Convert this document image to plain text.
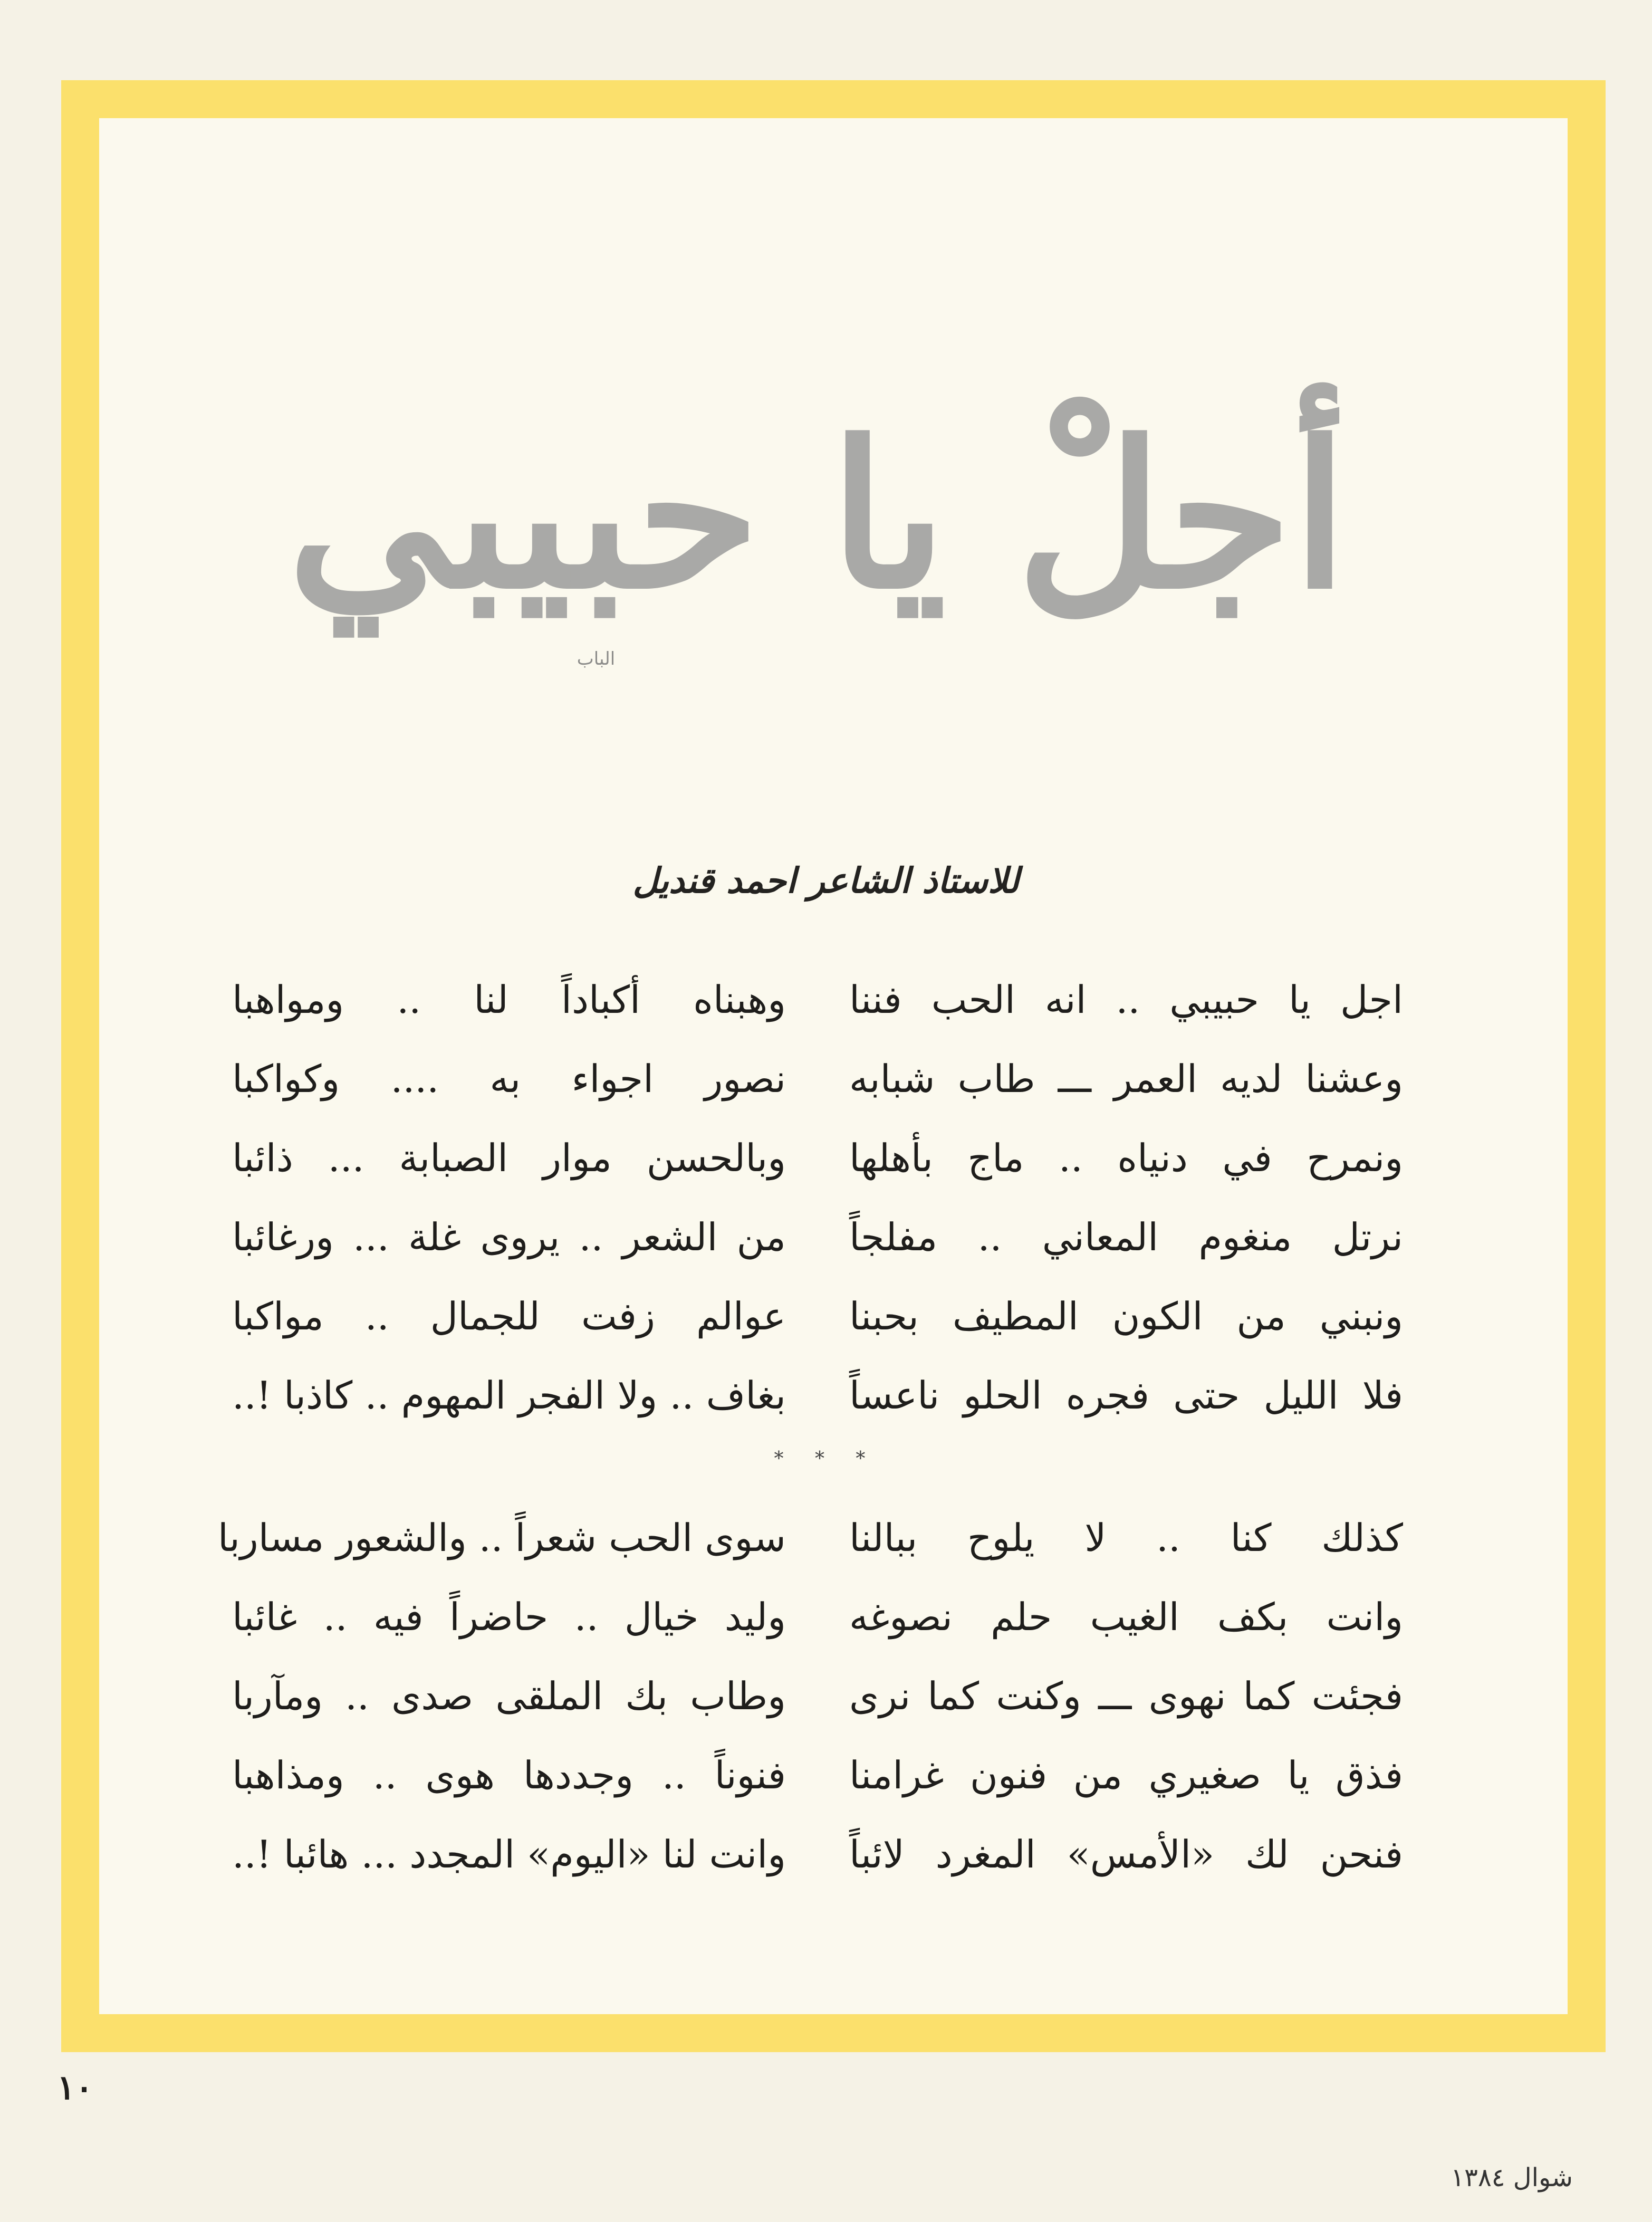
أجلْ يا حبيبي
الباب
للاستاذ الشاعر احمد قنديل
اجل يا حبيبي .. انه الحب فننا
وهبناه أكباداً لنا .. ومواهبا
وعشنا لديه العمر ـــ طاب شبابه
نصور اجواء به .... وكواكبا
ونمرح في دنياه .. ماج بأهلها
وبالحسن موار الصبابة ... ذائبا
نرتل منغوم المعاني .. مفلجاً
من الشعر .. يروى غلة ... ورغائبا
ونبني من الكون المطيف بحبنا
عوالم زفت للجمال .. مواكبا
فلا الليل حتى فجره الحلو ناعساً
بغاف .. ولا الفجر المهوم .. كاذبا !..
* * *
كذلك كنا .. لا يلوح ببالنا
سوى الحب شعراً .. والشعور مساربا
وانت بكف الغيب حلم نصوغه
وليد خيال .. حاضراً فيه .. غائبا
فجئت كما نهوى ـــ وكنت كما نرى
وطاب بك الملقى صدى .. ومآربا
فذق يا صغيري من فنون غرامنا
فنوناً .. وجددها هوى .. ومذاهبا
فنحن لك «الأمس» المغرد لائباً
وانت لنا «اليوم» المجدد ... هائبا !..
١٠
شوال ١٣٨٤
